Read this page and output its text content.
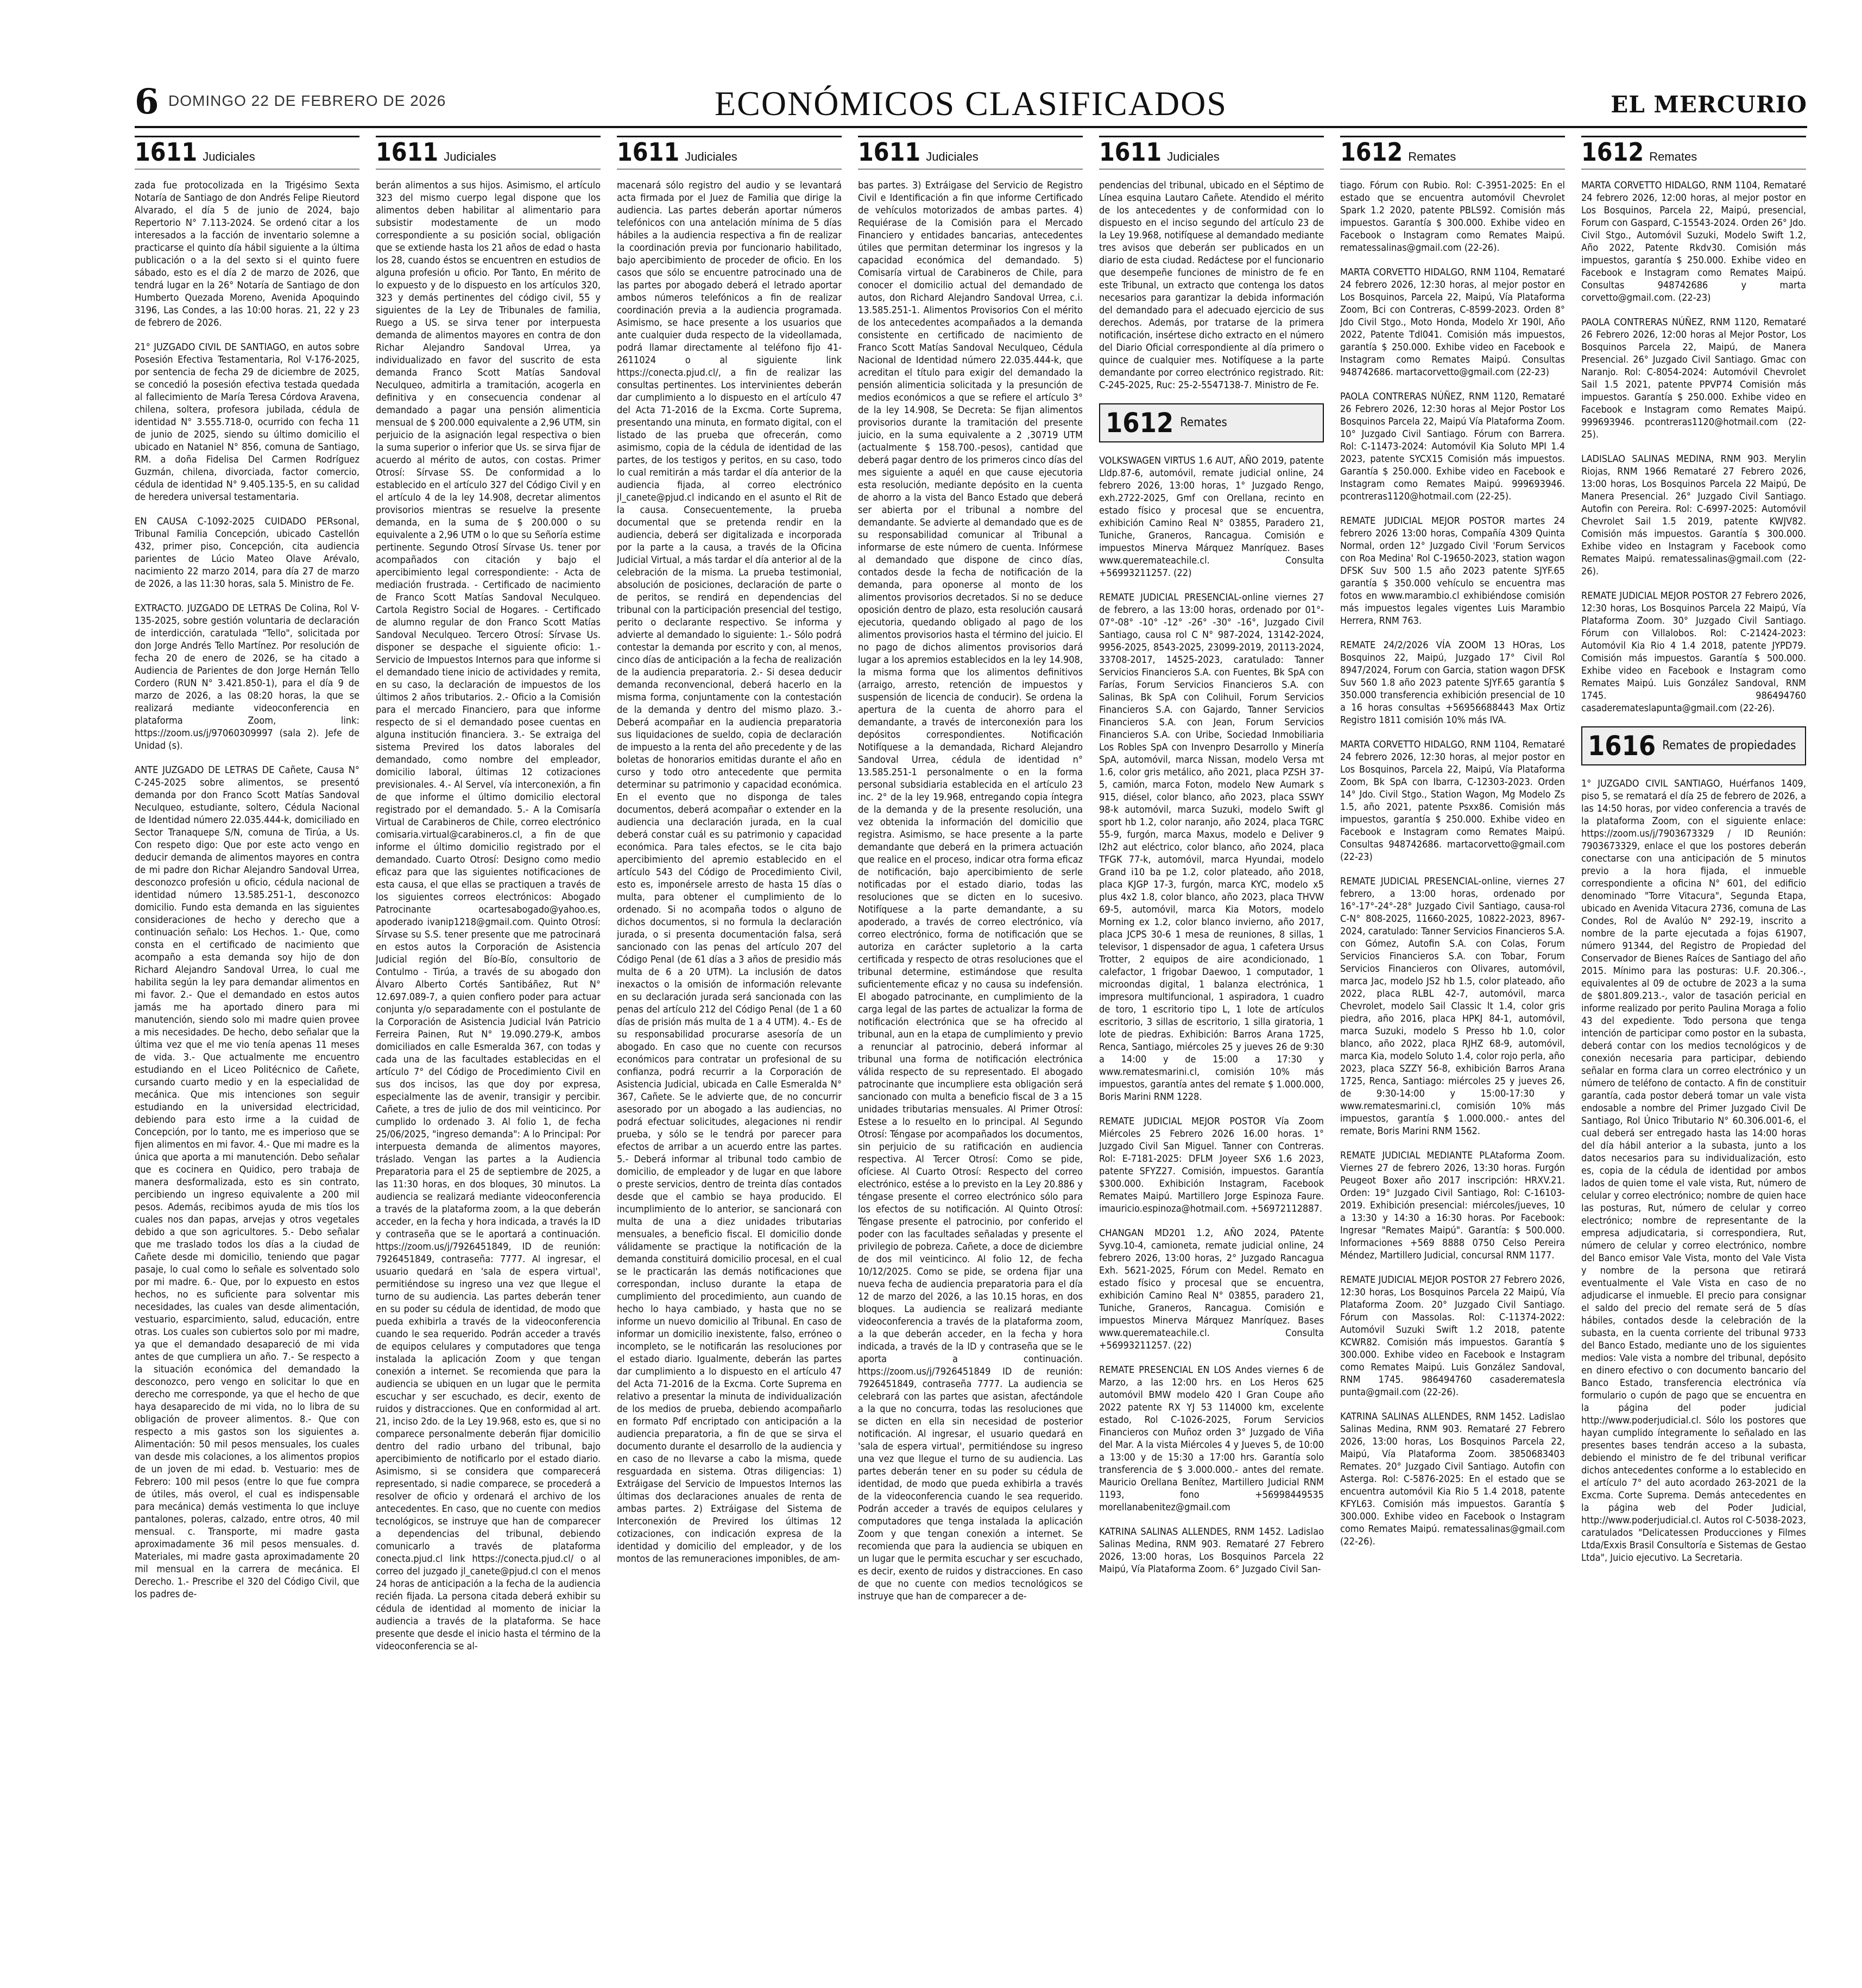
6 DOMINGO 22 DE FEBRERO DE 2026	ECONÓMICOS CLASIFICADOS	EL MERCURIO
1611 Judiciales

zada fue protocolizada en la Trigésimo Sexta Notaría de Santiago de don Andrés Felipe Rieutord Alvarado, el día 5 de junio de 2024, bajo Repertorio N° 7.113-2024. Se ordenó citar a los interesados a la facción de inventario solemne a practicarse el quinto día hábil siguiente a la última publicación o a la del sexto si el quinto fuere sábado, esto es el día 2 de marzo de 2026, que tendrá lugar en la 26° Notaría de Santiago de don Humberto Quezada Moreno, Avenida Apoquindo 3196, Las Condes, a las 10:00 horas. 21, 22 y 23 de febrero de 2026.

21° JUZGADO CIVIL DE SANTIAGO, en autos sobre Posesión Efectiva Testamentaria, Rol V-176-2025, por sentencia de fecha 29 de diciembre de 2025, se concedió la posesión efectiva testada quedada al fallecimiento de María Teresa Córdova Aravena, chilena, soltera, profesora jubilada, cédula de identidad N° 3.555.718-0, ocurrido con fecha 11 de junio de 2025, siendo su último domicilio el ubicado en Nataniel N° 856, comuna de Santiago, RM. a doña Fidelisa Del Carmen Rodríguez Guzmán, chilena, divorciada, factor comercio, cédula de identidad N° 9.405.135-5, en su calidad de heredera universal testamentaria.

EN CAUSA C-1092-2025 CUIDADO PERsonal, Tribunal Familia Concepción, ubicado Castellón 432, primer piso, Concepción, cita audiencia parientes de Lúcio Mateo Olave Arévalo, nacimiento 22 marzo 2014, para día 27 de marzo de 2026, a las 11:30 horas, sala 5. Ministro de Fe.

EXTRACTO. JUZGADO DE LETRAS De Colina, Rol V-135-2025, sobre gestión voluntaria de declaración de interdicción, caratulada "Tello", solicitada por don Jorge Andrés Tello Martínez. Por resolución de fecha 20 de enero de 2026, se ha citado a Audiencia de Parientes de don Jorge Hernán Tello Cordero (RUN N° 3.421.850-1), para el día 9 de marzo de 2026, a las 08:20 horas, la que se realizará mediante videoconferencia en plataforma Zoom, link: https://zoom.us/j/97060309997 (sala 2). Jefe de Unidad (s).

ANTE JUZGADO DE LETRAS DE Cañete, Causa N° C-245-2025 sobre alimentos, se presentó demanda por don Franco Scott Matías Sandoval Neculqueo, estudiante, soltero, Cédula Nacional de Identidad número 22.035.444-k, domiciliado en Sector Tranaquepe S/N, comuna de Tirúa, a Us. Con respeto digo: Que por este acto vengo en deducir demanda de alimentos mayores en contra de mi padre don Richar Alejandro Sandoval Urrea, desconozco profesión u oficio, cédula nacional de identidad número 13.585.251-1, desconozco domicilio. Fundo esta demanda en las siguientes consideraciones de hecho y derecho que a continuación señalo: Los Hechos. 1.- Que, como consta en el certificado de nacimiento que acompaño a esta demanda soy hijo de don Richard Alejandro Sandoval Urrea, lo cual me habilita según la ley para demandar alimentos en mi favor. 2.- Que el demandado en estos autos jamás me ha aportado dinero para mi manutención, siendo solo mi madre quien provee a mis necesidades. De hecho, debo señalar que la última vez que el me vio tenía apenas 11 meses de vida. 3.- Que actualmente me encuentro estudiando en el Liceo Politécnico de Cañete, cursando cuarto medio y en la especialidad de mecánica. Que mis intenciones son seguir estudiando en la universidad electricidad, debiendo para esto irme a la cuidad de Concepción, por lo tanto, me es imperioso que se fijen alimentos en mi favor. 4.- Que mi madre es la única que aporta a mi manutención. Debo señalar que es cocinera en Quidico, pero trabaja de manera desformalizada, esto es sin contrato, percibiendo un ingreso equivalente a 200 mil pesos. Además, recibimos ayuda de mis tíos los cuales nos dan papas, arvejas y otros vegetales debido a que son agricultores. 5.- Debo señalar que me traslado todos los días a la ciudad de Cañete desde mi domicilio, teniendo que pagar pasaje, lo cual como lo señale es solventado solo por mi madre. 6.- Que, por lo expuesto en estos hechos, no es suficiente para solventar mis necesidades, las cuales van desde alimentación, vestuario, esparcimiento, salud, educación, entre otras. Los cuales son cubiertos solo por mi madre, ya que el demandado desapareció de mi vida antes de que cumpliera un año. 7.- Se respecto a la situación económica del demandado la desconozco, pero vengo en solicitar lo que en derecho me corresponde, ya que el hecho de que haya desaparecido de mi vida, no lo libra de su obligación de proveer alimentos. 8.- Que con respecto a mis gastos son los siguientes a. Alimentación: 50 mil pesos mensuales, los cuales van desde mis colaciones, a los alimentos propios de un joven de mi edad. b. Vestuario: mes de Febrero: 100 mil pesos (entre lo que fue compra de útiles, más overol, el cual es indispensable para mecánica) demás vestimenta lo que incluye pantalones, poleras, calzado, entre otros, 40 mil mensual. c. Transporte, mi madre gasta aproximadamente 36 mil pesos mensuales. d. Materiales, mi madre gasta aproximadamente 20 mil mensual en la carrera de mecánica. El Derecho. 1.- Prescribe el 320 del Código Civil, que los padres de-

1611 Judiciales

berán alimentos a sus hijos. Asimismo, el artículo 323 del mismo cuerpo legal dispone que los alimentos deben habilitar al alimentario para subsistir modestamente de un modo correspondiente a su posición social, obligación que se extiende hasta los 21 años de edad o hasta los 28, cuando éstos se encuentren en estudios de alguna profesión u oficio. Por Tanto, En mérito de lo expuesto y de lo dispuesto en los artículos 320, 323 y demás pertinentes del código civil, 55 y siguientes de la Ley de Tribunales de familia, Ruego a US. se sirva tener por interpuesta demanda de alimentos mayores en contra de don Richar Alejandro Sandoval Urrea, ya individualizado en favor del suscrito de esta demanda Franco Scott Matías Sandoval Neculqueo, admitirla a tramitación, acogerla en definitiva y en consecuencia condenar al demandado a pagar una pensión alimenticia mensual de $ 200.000 equivalente a 2,96 UTM, sin perjuicio de la asignación legal respectiva o bien la suma superior o inferior que Us. se sirva fijar de acuerdo al mérito de autos, con costas. Primer Otrosí: Sírvase SS. De conformidad a lo establecido en el artículo 327 del Código Civil y en el artículo 4 de la ley 14.908, decretar alimentos provisorios mientras se resuelve la presente demanda, en la suma de $ 200.000 o su equivalente a 2,96 UTM o lo que su Señoría estime pertinente. Segundo Otrosí Sírvase Us. tener por acompañados con citación y bajo el apercibimiento legal correspondiente: - Acta de mediación frustrada. - Certificado de nacimiento de Franco Scott Matías Sandoval Neculqueo. Cartola Registro Social de Hogares. - Certificado de alumno regular de don Franco Scott Matías Sandoval Neculqueo. Tercero Otrosí: Sírvase Us. disponer se despache el siguiente oficio: 1.- Servicio de Impuestos Internos para que informe si el demandado tiene inicio de actividades y remita, en su caso, la declaración de impuestos de los últimos 2 años tributarios. 2.- Oficio a la Comisión para el mercado Financiero, para que informe respecto de si el demandado posee cuentas en alguna institución financiera. 3.- Se extraiga del sistema Previred los datos laborales del demandado, como nombre del empleador, domicilio laboral, últimas 12 cotizaciones previsionales. 4.- Al Servel, vía interconexión, a fin de que informe el último domicilio electoral registrado por el demandado. 5.- A la Comisaría Virtual de Carabineros de Chile, correo electrónico comisaria.virtual@carabineros.cl, a fin de que informe el último domicilio registrado por el demandado. Cuarto Otrosí: Designo como medio eficaz para que las siguientes notificaciones de esta causa, el que ellas se practiquen a través de los siguientes correos electrónicos: Abogado Patrocinante ocartesabogado@yahoo.es, apoderado ivanip1218@gmail.com. Quinto Otrosí: Sírvase su S.S. tener presente que me patrocinará en estos autos la Corporación de Asistencia Judicial región del Bío-Bío, consultorio de Contulmo - Tirúa, a través de su abogado don Álvaro Alberto Cortés Santibáñez, Rut N° 12.697.089-7, a quien confiero poder para actuar conjunta y/o separadamente con el postulante de la Corporación de Asistencia Judicial Iván Patricio Ferreira Painen, Rut N° 19.090.279-K, ambos domiciliados en calle Esmeralda 367, con todas y cada una de las facultades establecidas en el artículo 7° del Código de Procedimiento Civil en sus dos incisos, las que doy por expresa, especialmente las de avenir, transigir y percibir. Cañete, a tres de julio de dos mil veinticinco. Por cumplido lo ordenado 3. Al folio 1, de fecha 25/06/2025, "ingreso demanda": A lo Principal: Por interpuesta demanda de alimentos mayores, tráslado. Vengan las partes a la Audiencia Preparatoria para el 25 de septiembre de 2025, a las 11:30 horas, en dos bloques, 30 minutos. La audiencia se realizará mediante videoconferencia a través de la plataforma zoom, a la que deberán acceder, en la fecha y hora indicada, a través la ID y contraseña que se le aportará a continuación. https://zoom.us/j/7926451849, ID de reunión: 7926451849, contraseña: 7777. Al ingresar, el usuario quedará en 'sala de espera virtual', permitiéndose su ingreso una vez que llegue el turno de su audiencia. Las partes deberán tener en su poder su cédula de identidad, de modo que pueda exhibirla a través de la videoconferencia cuando le sea requerido. Podrán acceder a través de equipos celulares y computadores que tenga instalada la aplicación Zoom y que tengan conexión a internet. Se recomienda que para la audiencia se ubiquen en un lugar que le permita escuchar y ser escuchado, es decir, exento de ruidos y distracciones. Que en conformidad al art. 21, inciso 2do. de la Ley 19.968, esto es, que si no comparece personalmente deberán fijar domicilio dentro del radio urbano del tribunal, bajo apercibimiento de notificarlo por el estado diario. Asimismo, si se considera que comparecerá representado, si nadie comparece, se procederá a resolver de oficio y ordenará el archivo de los antecedentes. En caso, que no cuente con medios tecnológicos, se instruye que han de comparecer a dependencias del tribunal, debiendo comunicarlo a través de plataforma conecta.pjud.cl link https://conecta.pjud.cl/ o al correo del juzgado jl_canete@pjud.cl con el menos 24 horas de anticipación a la fecha de la audiencia recién fijada. La persona citada deberá exhibir su cédula de identidad al momento de iniciar la audiencia a través de la plataforma. Se hace presente que desde el inicio hasta el término de la videoconferencia se al-

1611 Judiciales

macenará sólo registro del audio y se levantará acta firmada por el Juez de Familia que dirige la audiencia. Las partes deberán aportar números telefónicos con una antelación mínima de 5 días hábiles a la audiencia respectiva a fin de realizar la coordinación previa por funcionario habilitado, bajo apercibimiento de proceder de oficio. En los casos que sólo se encuentre patrocinado una de las partes por abogado deberá el letrado aportar ambos números telefónicos a fin de realizar coordinación previa a la audiencia programada. Asimismo, se hace presente a los usuarios que ante cualquier duda respecto de la videollamada, podrá llamar directamente al teléfono fijo 41-2611024 o al siguiente link https://conecta.pjud.cl/, a fin de realizar las consultas pertinentes. Los intervinientes deberán dar cumplimiento a lo dispuesto en el artículo 47 del Acta 71-2016 de la Excma. Corte Suprema, presentando una minuta, en formato digital, con el listado de las prueba que ofrecerán, como asimismo, copia de la cédula de identidad de las partes, de los testigos y peritos, en su caso, todo lo cual remitirán a más tardar el día anterior de la audiencia fijada, al correo electrónico jl_canete@pjud.cl indicando en el asunto el Rit de la causa. Consecuentemente, la prueba documental que se pretenda rendir en la audiencia, deberá ser digitalizada e incorporada por la parte a la causa, a través de la Oficina Judicial Virtual, a más tardar el día anterior al de la celebración de la misma. La prueba testimonial, absolución de posiciones, declaración de parte o de peritos, se rendirá en dependencias del tribunal con la participación presencial del testigo, perito o declarante respectivo. Se informa y advierte al demandado lo siguiente: 1.- Sólo podrá contestar la demanda por escrito y con, al menos, cinco días de anticipación a la fecha de realización de la audiencia preparatoria. 2.- Si desea deducir demanda reconvencional, deberá hacerlo en la misma forma, conjuntamente con la contestación de la demanda y dentro del mismo plazo. 3.- Deberá acompañar en la audiencia preparatoria sus liquidaciones de sueldo, copia de declaración de impuesto a la renta del año precedente y de las boletas de honorarios emitidas durante el año en curso y todo otro antecedente que permita determinar su patrimonio y capacidad económica. En el evento que no disponga de tales documentos, deberá acompañar o extender en la audiencia una declaración jurada, en la cual deberá constar cuál es su patrimonio y capacidad económica. Para tales efectos, se le cita bajo apercibimiento del apremio establecido en el artículo 543 del Código de Procedimiento Civil, esto es, imponérsele arresto de hasta 15 días o multa, para obtener el cumplimiento de lo ordenado. Si no acompaña todos o alguno de dichos documentos, si no formula la declaración jurada, o si presenta documentación falsa, será sancionado con las penas del artículo 207 del Código Penal (de 61 días a 3 años de presidio más multa de 6 a 20 UTM). La inclusión de datos inexactos o la omisión de información relevante en su declaración jurada será sancionada con las penas del artículo 212 del Código Penal (de 1 a 60 días de prisión más multa de 1 a 4 UTM). 4.- Es de su responsabilidad procurarse asesoría de un abogado. En caso que no cuente con recursos económicos para contratar un profesional de su confianza, podrá recurrir a la Corporación de Asistencia Judicial, ubicada en Calle Esmeralda N° 367, Cañete. Se le advierte que, de no concurrir asesorado por un abogado a las audiencias, no podrá efectuar solicitudes, alegaciones ni rendir prueba, y sólo se le tendrá por parecer para efectos de arribar a un acuerdo entre las partes. 5.- Deberá informar al tribunal todo cambio de domicilio, de empleador y de lugar en que labore o preste servicios, dentro de treinta días contados desde que el cambio se haya producido. El incumplimiento de lo anterior, se sancionará con multa de una a diez unidades tributarias mensuales, a beneficio fiscal. El domicilio donde válidamente se practique la notificación de la demanda constituirá domicilio procesal, en el cual se le practicarán las demás notificaciones que correspondan, incluso durante la etapa de cumplimiento del procedimiento, aun cuando de hecho lo haya cambiado, y hasta que no se informe un nuevo domicilio al Tribunal. En caso de informar un domicilio inexistente, falso, erróneo o incompleto, se le notificarán las resoluciones por el estado diario. Igualmente, deberán las partes dar cumplimiento a lo dispuesto en el artículo 47 del Acta 71-2016 de la Excma. Corte Suprema en relativo a presentar la minuta de individualización de los medios de prueba, debiendo acompañarlo en formato Pdf encriptado con anticipación a la audiencia preparatoria, a fin de que se sirva el documento durante el desarrollo de la audiencia y en caso de no llevarse a cabo la misma, quede resguardada en sistema. Otras diligencias: 1) Extráigase del Servicio de Impuestos Internos las últimas dos declaraciones anuales de renta de ambas partes. 2) Extráigase del Sistema de Interconexión de Previred los últimas 12 cotizaciones, con indicación expresa de la identidad y domicilio del empleador, y de los montos de las remuneraciones imponibles, de am-

1611 Judiciales

bas partes. 3) Extráigase del Servicio de Registro Civil e Identificación a fin que informe Certificado de vehículos motorizados de ambas partes. 4) Requiérase de la Comisión para el Mercado Financiero y entidades bancarias, antecedentes útiles que permitan determinar los ingresos y la capacidad económica del demandado. 5) Comisaría virtual de Carabineros de Chile, para conocer el domicilio actual del demandado de autos, don Richard Alejandro Sandoval Urrea, c.i. 13.585.251-1. Alimentos Provisorios Con el mérito de los antecedentes acompañados a la demanda consistente en certificado de nacimiento de Franco Scott Matías Sandoval Neculqueo, Cédula Nacional de Identidad número 22.035.444-k, que acreditan el título para exigir del demandado la pensión alimenticia solicitada y la presunción de medios económicos a que se refiere el artículo 3° de la ley 14.908, Se Decreta: Se fijan alimentos provisorios durante la tramitación del presente juicio, en la suma equivalente a 2 ,30719 UTM (actualmente $ 158.700.-pesos), cantidad que deberá pagar dentro de los primeros cinco días del mes siguiente a aquél en que cause ejecutoria esta resolución, mediante depósito en la cuenta de ahorro a la vista del Banco Estado que deberá ser abierta por el tribunal a nombre del demandante. Se advierte al demandado que es de su responsabilidad comunicar al Tribunal a informarse de este número de cuenta. Infórmese al demandado que dispone de cinco días, contados desde la fecha de notificación de la demanda, para oponerse al monto de los alimentos provisorios decretados. Si no se deduce oposición dentro de plazo, esta resolución causará ejecutoria, quedando obligado al pago de los alimentos provisorios hasta el término del juicio. El no pago de dichos alimentos provisorios dará lugar a los apremios establecidos en la ley 14.908, la misma forma que los alimentos definitivos (arraigo, arresto, retención de impuestos y suspensión de licencia de conducir). Se ordena la apertura de la cuenta de ahorro para el demandante, a través de interconexión para los depósitos correspondientes. Notificación Notifíquese a la demandada, Richard Alejandro Sandoval Urrea, cédula de identidad n° 13.585.251-1 personalmente o en la forma personal subsidiaria establecida en el artículo 23 inc. 2° de la ley 19.968, entregando copia íntegra de la demanda y de la presente resolución, una vez obtenida la información del domicilio que registra. Asimismo, se hace presente a la parte demandante que deberá en la primera actuación que realice en el proceso, indicar otra forma eficaz de notificación, bajo apercibimiento de serle notificadas por el estado diario, todas las resoluciones que se dicten en lo sucesivo. Notifíquese a la parte demandante, a su apoderado, a través de correo electrónico, vía correo electrónico, forma de notificación que se autoriza en carácter supletorio a la carta certificada y respecto de otras resoluciones que el tribunal determine, estimándose que resulta suficientemente eficaz y no causa su indefensión. El abogado patrocinante, en cumplimiento de la carga legal de las partes de actualizar la forma de notificación electrónica que se ha ofrecido al tribunal, aun en la etapa de cumplimiento y previo a renunciar al patrocinio, deberá informar al tribunal una forma de notificación electrónica válida respecto de su representado. El abogado patrocinante que incumpliere esta obligación será sancionado con multa a beneficio fiscal de 3 a 15 unidades tributarias mensuales. Al Primer Otrosí: Estese a lo resuelto en lo principal. Al Segundo Otrosí: Téngase por acompañados los documentos, sin perjuicio de su ratificación en audiencia respectiva. Al Tercer Otrosí: Como se pide, ofíciese. Al Cuarto Otrosí: Respecto del correo electrónico, estése a lo previsto en la Ley 20.886 y téngase presente el correo electrónico sólo para los efectos de su notificación. Al Quinto Otrosí: Téngase presente el patrocinio, por conferido el poder con las facultades señaladas y presente el privilegio de pobreza. Cañete, a doce de diciembre de dos mil veinticinco. Al folio 12, de fecha 10/12/2025. Como se pide, se ordena fijar una nueva fecha de audiencia preparatoria para el día 12 de marzo del 2026, a las 10.15 horas, en dos bloques. La audiencia se realizará mediante videoconferencia a través de la plataforma zoom, a la que deberán acceder, en la fecha y hora indicada, a través de la ID y contraseña que se le aporta a continuación. https://zoom.us/j/7926451849 ID de reunión: 7926451849, contraseña 7777. La audiencia se celebrará con las partes que asistan, afectándole a la que no concurra, todas las resoluciones que se dicten en ella sin necesidad de posterior notificación. Al ingresar, el usuario quedará en 'sala de espera virtual', permitiéndose su ingreso una vez que llegue el turno de su audiencia. Las partes deberán tener en su poder su cédula de identidad, de modo que pueda exhibirla a través de la videoconferencia cuando le sea requerido. Podrán acceder a través de equipos celulares y computadores que tenga instalada la aplicación Zoom y que tengan conexión a internet. Se recomienda que para la audiencia se ubiquen en un lugar que le permita escuchar y ser escuchado, es decir, exento de ruidos y distracciones. En caso de que no cuente con medios tecnológicos se instruye que han de comparecer a de-

1611 Judiciales

pendencias del tribunal, ubicado en el Séptimo de Línea esquina Lautaro Cañete. Atendido el mérito de los antecedentes y de conformidad con lo dispuesto en el inciso segundo del artículo 23 de la Ley 19.968, notifíquese al demandado mediante tres avisos que deberán ser publicados en un diario de esta ciudad. Redáctese por el funcionario que desempeñe funciones de ministro de fe en este Tribunal, un extracto que contenga los datos necesarios para garantizar la debida información del demandado para el adecuado ejercicio de sus derechos. Además, por tratarse de la primera notificación, insértese dicho extracto en el número del Diario Oficial correspondiente al día primero o quince de cualquier mes. Notifíquese a la parte demandante por correo electrónico registrado. Rit: C-245-2025, Ruc: 25-2-5547138-7. Ministro de Fe.

1612 Remates

VOLKSWAGEN VIRTUS 1.6 AUT, AÑO 2019, patente Lldp.87-6, automóvil, remate judicial online, 24 febrero 2026, 13:00 horas, 1° Juzgado Rengo, exh.2722-2025, Gmf con Orellana, recinto en estado físico y procesal que se encuentra, exhibición Camino Real N° 03855, Paradero 21, Tuniche, Graneros, Rancagua. Comisión e impuestos Minerva Márquez Manríquez. Bases www.queremateachile.cl. Consulta +56993211257. (22)

REMATE JUDICIAL PRESENCIAL-online viernes 27 de febrero, a las 13:00 horas, ordenado por 01°- 07°-08° -10° -12° -26° -30° -16°, Juzgado Civil Santiago, causa rol C N° 987-2024, 13142-2024, 9956-2025, 8543-2025, 23099-2019, 20113-2024, 33708-2017, 14525-2023, caratulado: Tanner Servicios Financieros S.A. con Fuentes, Bk SpA con Farías, Forum Servicios Financieros S.A. con Salinas, Bk SpA con Colihuil, Forum Servicios Financieros S.A. con Gajardo, Tanner Servicios Financieros S.A. con Jean, Forum Servicios Financieros S.A. con Uribe, Sociedad Inmobiliaria Los Robles SpA con Invenpro Desarrollo y Minería SpA, automóvil, marca Nissan, modelo Versa mt 1.6, color gris metálico, año 2021, placa PZSH 37-5, camión, marca Foton, modelo New Aumark s 915, diésel, color blanco, año 2023, placa SSWY 98-k automóvil, marca Suzuki, modelo Swift gl sport hb 1.2, color naranjo, año 2024, placa TGRC 55-9, furgón, marca Maxus, modelo e Deliver 9 l2h2 aut eléctrico, color blanco, año 2024, placa TFGK 77-k, automóvil, marca Hyundai, modelo Grand i10 ba pe 1.2, color plateado, año 2018, placa KJGP 17-3, furgón, marca KYC, modelo x5 plus 4x2 1.8, color blanco, año 2023, placa THVW 69-5, automóvil, marca Kia Motors, modelo Morning ex 1.2, color blanco invierno, año 2017, placa JCPS 30-6 1 mesa de reuniones, 8 sillas, 1 televisor, 1 dispensador de agua, 1 cafetera Ursus Trotter, 2 equipos de aire acondicionado, 1 calefactor, 1 frigobar Daewoo, 1 computador, 1 microondas digital, 1 balanza electrónica, 1 impresora multifuncional, 1 aspiradora, 1 cuadro de toro, 1 escritorio tipo L, 1 lote de artículos escritorio, 3 sillas de escritorio, 1 silla giratoria, 1 lote de piedras. Exhibición: Barros Arana 1725, Renca, Santiago, miércoles 25 y jueves 26 de 9:30 a 14:00 y de 15:00 a 17:30 y www.rematesmarini.cl, comisión 10% más impuestos, garantía antes del remate $ 1.000.000, Boris Marini RNM 1228.

REMATE JUDICIAL MEJOR POSTOR Vía Zoom Miércoles 25 Febrero 2026 16.00 horas. 1° Juzgado Civil San Miguel. Tanner con Contreras. Rol: E-7181-2025: DFLM Joyeer SX6 1.6 2023, patente SFYZ27. Comisión, impuestos. Garantía $300.000. Exhibición Instagram, Facebook Remates Maipú. Martillero Jorge Espinoza Faure. imauricio.espinoza@hotmail.com. +56972112887.

CHANGAN MD201 1.2, AÑO 2024, PAtente Syvg.10-4, camioneta, remate judicial online, 24 febrero 2026, 13:00 horas, 2° Juzgado Rancagua Exh. 5621-2025, Fórum con Medel. Remato en estado físico y procesal que se encuentra, exhibición Camino Real N° 03855, paradero 21, Tuniche, Graneros, Rancagua. Comisión e impuestos Minerva Márquez Manríquez. Bases www.queremateachile.cl. Consulta +56993211257. (22)

REMATE PRESENCIAL EN LOS Andes viernes 6 de Marzo, a las 12:00 hrs. en Los Heros 625 automóvil BMW modelo 420 I Gran Coupe año 2022 patente RX YJ 53 114000 km, excelente estado, Rol C-1026-2025, Forum Servicios Financieros con Muñoz orden 3° Juzgado de Viña del Mar. A la vista Miércoles 4 y Jueves 5, de 10:00 a 13:00 y de 15:30 a 17:00 hrs. Garantía solo transferencia de $ 3.000.000.- antes del remate. Mauricio Orellana Benítez, Martillero Judicial RNM 1193, fono +56998449535 morellanabenitez@gmail.com

KATRINA SALINAS ALLENDES, RNM 1452. Ladislao Salinas Medina, RNM 903. Remataré 27 Febrero 2026, 13:00 horas, Los Bosquinos Parcela 22 Maipú, Vía Plataforma Zoom. 6° Juzgado Civil San-

1612 Remates

tiago. Fórum con Rubio. Rol: C-3951-2025: En el estado que se encuentra automóvil Chevrolet Spark 1.2 2020, patente PBLS92. Comisión más impuestos. Garantía $ 300.000. Exhibe video en Facebook o Instagram como Remates Maipú. rematessalinas@gmail.com (22-26).

MARTA CORVETTO HIDALGO, RNM 1104, Remataré 24 febrero 2026, 12:30 horas, al mejor postor en Los Bosquinos, Parcela 22, Maipú, Vía Plataforma Zoom, Bci con Contreras, C-8599-2023. Orden 8° Jdo Civil Stgo., Moto Honda, Modelo Xr 190l, Año 2022, Patente Tdl041. Comisión más impuestos, garantía $ 250.000. Exhibe video en Facebook e Instagram como Remates Maipú. Consultas 948742686. martacorvetto@gmail.com (22-23)

PAOLA CONTRERAS NÚÑEZ, RNM 1120, Remataré 26 Febrero 2026, 12:30 horas al Mejor Postor Los Bosquinos Parcela 22, Maipú Vía Plataforma Zoom. 10° Juzgado Civil Santiago. Fórum con Barrera. Rol: C-11473-2024: Automóvil Kia Soluto MPI 1.4 2023, patente SYCX15 Comisión más impuestos. Garantía $ 250.000. Exhibe video en Facebook e Instagram como Remates Maipú. 999693946. pcontreras1120@hotmail.com (22-25).

REMATE JUDICIAL MEJOR POSTOR martes 24 febrero 2026 13:00 horas, Compañía 4309 Quinta Normal, orden 12° Juzgado Civil 'Forum Servicos con Roa Medina' Rol C-19650-2023, station wagon DFSK Suv 500 1.5 año 2023 patente SJYF.65 garantía $ 350.000 vehículo se encuentra mas fotos en www.marambio.cl exhibiéndose comisión más impuestos legales vigentes Luis Marambio Herrera, RNM 763.

REMATE 24/2/2026 VÍA ZOOM 13 HOras, Los Bosquinos 22, Maipú, Juzgado 17° Civil Rol 8947/2024, Forum con Garcia, station wagon DFSK Suv 560 1.8 año 2023 patente SJYF.65 garantía $ 350.000 transferencia exhibición presencial de 10 a 16 horas consultas +56956688443 Max Ortiz Registro 1811 comisión 10% más IVA.

MARTA CORVETTO HIDALGO, RNM 1104, Remataré 24 febrero 2026, 12:30 horas, al mejor postor en Los Bosquinos, Parcela 22, Maipú, Vía Plataforma Zoom, Bk SpA con Ibarra, C-12303-2023. Orden 14° Jdo. Civil Stgo., Station Wagon, Mg Modelo Zs 1.5, año 2021, patente Psxx86. Comisión más impuestos, garantía $ 250.000. Exhibe video en Facebook e Instagram como Remates Maipú. Consultas 948742686. martacorvetto@gmail.com (22-23)

REMATE JUDICIAL PRESENCIAL-online, viernes 27 febrero, a 13:00 horas, ordenado por 16°-17°-24°-28° Juzgado Civil Santiago, causa-rol C-N° 808-2025, 11660-2025, 10822-2023, 8967-2024, caratulado: Tanner Servicios Financieros S.A. con Gómez, Autofin S.A. con Colas, Forum Servicios Financieros S.A. con Tobar, Forum Servicios Financieros con Olivares, automóvil, marca Jac, modelo JS2 hb 1.5, color plateado, año 2022, placa RLBL 42-7, automóvil, marca Chevrolet, modelo Sail Classic lt 1.4, color gris piedra, año 2016, placa HPKJ 84-1, automóvil, marca Suzuki, modelo S Presso hb 1.0, color blanco, año 2022, placa RJHZ 68-9, automóvil, marca Kia, modelo Soluto 1.4, color rojo perla, año 2023, placa SZZY 56-8, exhibición Barros Arana 1725, Renca, Santiago: miércoles 25 y jueves 26, de 9:30-14:00 y 15:00-17:30 y www.rematesmarini.cl, comisión 10% más impuestos, garantía $ 1.000.000.- antes del remate, Boris Marini RNM 1562.

REMATE JUDICIAL MEDIANTE PLAtaforma Zoom. Viernes 27 de febrero 2026, 13:30 horas. Furgón Peugeot Boxer año 2017 inscripción: HRXV.21. Orden: 19° Juzgado Civil Santiago, Rol: C-16103-2019. Exhibición presencial: miércoles/jueves, 10 a 13:30 y 14:30 a 16:30 horas. Por Facebook: Ingresar "Remates Maipú". Garantía: $ 500.000. Informaciones +569 8888 0750 Celso Pereira Méndez, Martillero Judicial, concursal RNM 1177.

REMATE JUDICIAL MEJOR POSTOR 27 Febrero 2026, 12:30 horas, Los Bosquinos Parcela 22 Maipú, Vía Plataforma Zoom. 20° Juzgado Civil Santiago. Fórum con Massolas. Rol: C-11374-2022: Automóvil Suzuki Swift 1.2 2018, patente KCWR82. Comisión más impuestos. Garantía $ 300.000. Exhibe video en Facebook e Instagram como Remates Maipú. Luis González Sandoval, RNM 1745. 986494760 casaderematesla punta@gmail.com (22-26).

KATRINA SALINAS ALLENDES, RNM 1452. Ladislao Salinas Medina, RNM 903. Remataré 27 Febrero 2026, 13:00 horas, Los Bosquinos Parcela 22, Maipú, Vía Plataforma Zoom. 3850683403 Remates. 20° Juzgado Civil Santiago. Autofin con Asterga. Rol: C-5876-2025: En el estado que se encuentra automóvil Kia Rio 5 1.4 2018, patente KFYL63. Comisión más impuestos. Garantía $ 300.000. Exhibe video en Facebook o Instagram como Remates Maipú. rematessalinas@gmail.com (22-26).

1612 Remates

MARTA CORVETTO HIDALGO, RNM 1104, Remataré 24 febrero 2026, 12:00 horas, al mejor postor en Los Bosquinos, Parcela 22, Maipú, presencial, Forum con Gaspard, C-15543-2024. Orden 26° Jdo. Civil Stgo., Automóvil Suzuki, Modelo Swift 1.2, Año 2022, Patente Rkdv30. Comisión más impuestos, garantía $ 250.000. Exhibe video en Facebook e Instagram como Remates Maipú. Consultas 948742686 y marta corvetto@gmail.com. (22-23)

PAOLA CONTRERAS NÚÑEZ, RNM 1120, Remataré 26 Febrero 2026, 12:00 horas al Mejor Postor, Los Bosquinos Parcela 22, Maipú, de Manera Presencial. 26° Juzgado Civil Santiago. Gmac con Naranjo. Rol: C-8054-2024: Automóvil Chevrolet Sail 1.5 2021, patente PPVP74 Comisión más impuestos. Garantía $ 250.000. Exhibe video en Facebook e Instagram como Remates Maipú. 999693946. pcontreras1120@hotmail.com (22-25).

LADISLAO SALINAS MEDINA, RNM 903. Merylin Riojas, RNM 1966 Remataré 27 Febrero 2026, 13:00 horas, Los Bosquinos Parcela 22 Maipú, De Manera Presencial. 26° Juzgado Civil Santiago. Autofin con Pereira. Rol: C-6997-2025: Automóvil Chevrolet Sail 1.5 2019, patente KWJV82. Comisión más impuestos. Garantía $ 300.000. Exhibe video en Instagram y Facebook como Remates Maipú. rematessalinas@gmail.com (22-26).

REMATE JUDICIAL MEJOR POSTOR 27 Febrero 2026, 12:30 horas, Los Bosquinos Parcela 22 Maipú, Vía Plataforma Zoom. 30° Juzgado Civil Santiago. Fórum con Villalobos. Rol: C-21424-2023: Automóvil Kia Rio 4 1.4 2018, patente JYPD79. Comisión más impuestos. Garantía $ 500.000. Exhibe video en Facebook e Instagram como Remates Maipú. Luis González Sandoval, RNM 1745. 986494760 casaderemateslapunta@gmail.com (22-26).

1616 Remates de propiedades

1° JUZGADO CIVIL SANTIAGO, Huérfanos 1409, piso 5, se rematará el día 25 de febrero de 2026, a las 14:50 horas, por video conferencia a través de la plataforma Zoom, con el siguiente enlace: https://zoom.us/j/7903673329 / ID Reunión: 7903673329, enlace el que los postores deberán conectarse con una anticipación de 5 minutos previo a la hora fijada, el inmueble correspondiente a oficina N° 601, del edificio denominado "Torre Vitacura", Segunda Etapa, ubicado en Avenida Vitacura 2736, comuna de Las Condes, Rol de Avalúo N° 292-19, inscrito a nombre de la parte ejecutada a fojas 61907, número 91344, del Registro de Propiedad del Conservador de Bienes Raíces de Santiago del año 2015. Mínimo para las posturas: U.F. 20.306.-, equivalentes al 09 de octubre de 2023 a la suma de $801.809.213.-, valor de tasación pericial en informe realizado por perito Paulina Moraga a folio 43 del expediente. Todo persona que tenga intención de participar como postor en la subasta, deberá contar con los medios tecnológicos y de conexión necesaria para participar, debiendo señalar en forma clara un correo electrónico y un número de teléfono de contacto. A fin de constituir garantía, cada postor deberá tomar un vale vista endosable a nombre del Primer Juzgado Civil De Santiago, Rol Único Tributario N° 60.306.001-6, el cual deberá ser entregado hasta las 14:00 horas del día hábil anterior a la subasta, junto a los datos necesarios para su individualización, esto es, copia de la cédula de identidad por ambos lados de quien tome el vale vista, Rut, número de celular y correo electrónico; nombre de quien hace las posturas, Rut, número de celular y correo electrónico; nombre de representante de la empresa adjudicataria, si correspondiera, Rut, número de celular y correo electrónico, nombre del Banco emisor Vale Vista, monto del Vale Vista y nombre de la persona que retirará eventualmente el Vale Vista en caso de no adjudicarse el inmueble. El precio para consignar el saldo del precio del remate será de 5 días hábiles, contados desde la celebración de la subasta, en la cuenta corriente del tribunal 9733 del Banco Estado, mediante uno de los siguientes medios: Vale vista a nombre del tribunal, depósito en dinero efectivo o con documento bancario del Banco Estado, transferencia electrónica vía formulario o cupón de pago que se encuentra en la página del poder judicial http://www.poderjudicial.cl. Sólo los postores que hayan cumplido íntegramente lo señalado en las presentes bases tendrán acceso a la subasta, debiendo el ministro de fe del tribunal verificar dichos antecedentes conforme a lo establecido en el artículo 7° del auto acordado 263-2021 de la Excma. Corte Suprema. Demás antecedentes en la página web del Poder Judicial, http://www.poderjudicial.cl. Autos rol C-5038-2023, caratulados "Delicatessen Producciones y Filmes Ltda/Exxis Brasil Consultoría e Sistemas de Gestao Ltda", Juicio ejecutivo. La Secretaria.
